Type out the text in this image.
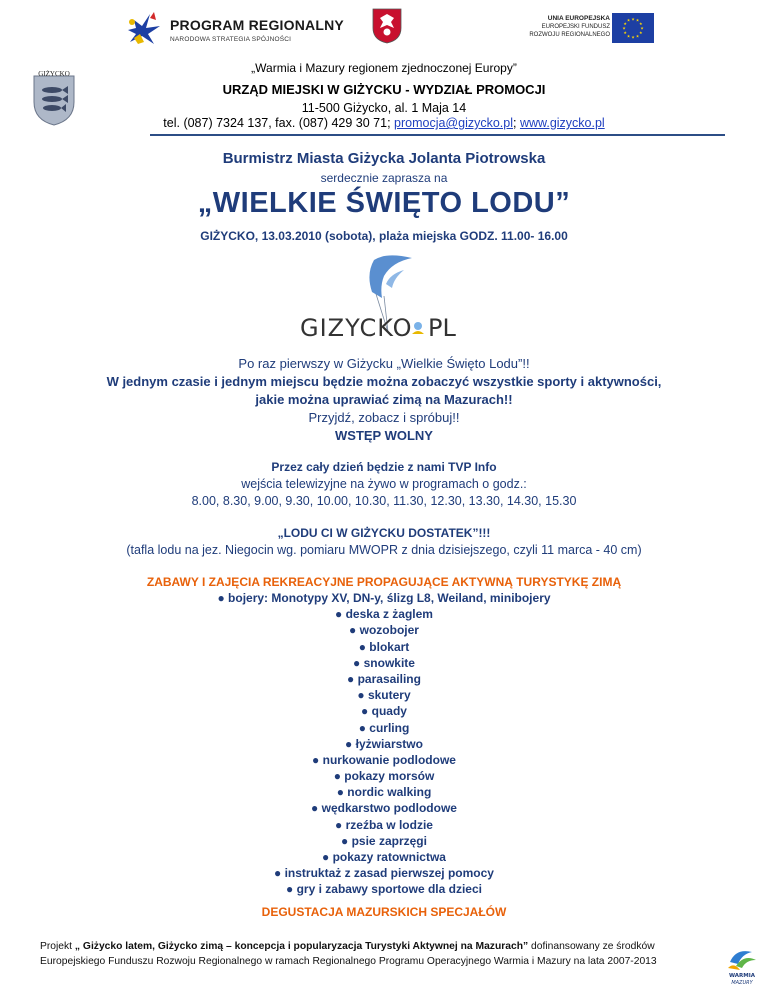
PROGRAM REGIONALNY
NARODOWA STRATEGIA SPÓJNOŚCI
UNIA EUROPEJSKA
EUROPEJSKI FUNDUSZ
ROZWOJU REGIONALNEGO
★ ★
★
★
★
★
★
★
★
★
★
★
GIŻYCKO	„Warmia i Mazury regionem zjednoczonej Europy”
URZĄD MIEJSKI W GIŻYCKU - WYDZIAŁ PROMOCJI
11-500 Giżycko, al. 1 Maja 14
tel. (087) 7324 137, fax. (087) 429 30 71; promocja@gizycko.pl; www.gizycko.pl
Burmistrz Miasta Giżycka Jolanta Piotrowska
serdecznie zaprasza na
„WIELKIE ŚWIĘTO LODU”
GIŻYCKO, 13.03.2010 (sobota), plaża miejska GODZ. 11.00- 16.00
GIZYCKO PL
Po raz pierwszy w Giżycku „Wielkie Święto Lodu”!!
W jednym czasie i jednym miejscu będzie można zobaczyć wszystkie sporty i aktywności,
jakie można uprawiać zimą na Mazurach!!
Przyjdź, zobacz i spróbuj!!
WSTĘP WOLNY
Przez cały dzień będzie z nami TVP Info
wejścia telewizyjne na żywo w programach o godz.:
8.00, 8.30, 9.00, 9.30, 10.00, 10.30, 11.30, 12.30, 13.30, 14.30, 15.30
„LODU CI W GIŻYCKU DOSTATEK”!!!
(tafla lodu na jez. Niegocin wg. pomiaru MWOPR z dnia dzisiejszego, czyli 11 marca - 40 cm)
ZABAWY I ZAJĘCIA REKREACYJNE PROPAGUJĄCE AKTYWNĄ TURYSTYKĘ ZIMĄ
● bojery: Monotypy XV, DN-y, ślizg L8, Weiland, minibojery
● deska z żaglem
● wozobojer
● blokart
● snowkite
● parasailing
● skutery
● quady
● curling
● łyżwiarstwo
● nurkowanie podlodowe
● pokazy morsów
● nordic walking
● wędkarstwo podlodowe
● rzeźba w lodzie
● psie zaprzęgi
● pokazy ratownictwa
● instruktaż z zasad pierwszej pomocy
● gry i zabawy sportowe dla dzieci
DEGUSTACJA MAZURSKICH SPECJAŁÓW
Projekt „ Giżycko latem, Giżycko zimą – koncepcja i popularyzacja Turystyki Aktywnej na Mazurach” dofinansowany ze środków
Europejskiego Funduszu Rozwoju Regionalnego w ramach Regionalnego Programu Operacyjnego Warmia i Mazury na lata 2007-2013
WARMIA
MAZURY
